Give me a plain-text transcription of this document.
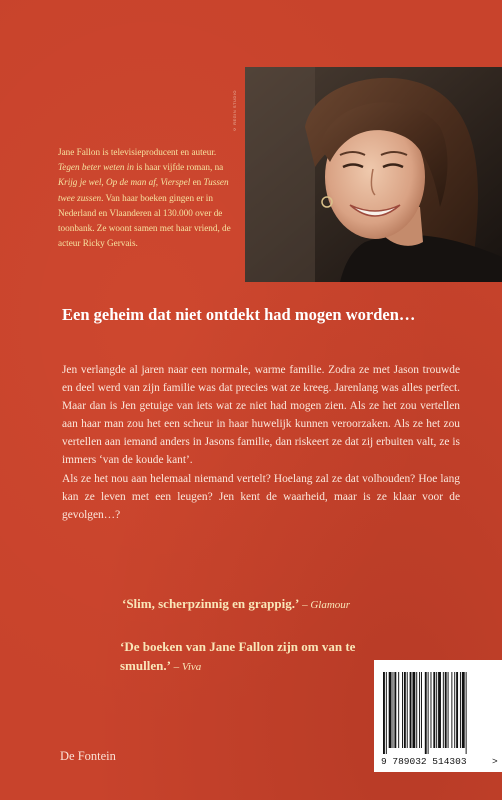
© REGIN STUDIO

Jane Fallon is televisieproducent en auteur. Tegen beter weten in is haar vijfde roman, na Krijg je wel, Op de man af, Vierspel en Tussen twee zussen. Van haar boeken gingen er in Nederland en Vlaanderen al 130.000 over de toonbank. Ze woont samen met haar vriend, de acteur Ricky Gervais.

Een geheim dat niet ontdekt had mogen worden…

Jen verlangde al jaren naar een normale, warme familie. Zodra ze met Jason trouwde en deel werd van zijn familie was dat precies wat ze kreeg. Jarenlang was alles perfect. Maar dan is Jen getuige van iets wat ze niet had mogen zien. Als ze het zou vertellen aan haar man zou het een scheur in haar huwelijk kunnen veroorzaken. Als ze het zou vertellen aan iemand anders in Jasons familie, dan riskeert ze dat zij erbuiten valt, ze is immers ‘van de koude kant’.

Als ze het nou aan helemaal niemand vertelt? Hoelang zal ze dat volhouden? Hoe lang kan ze leven met een leugen? Jen kent de waarheid, maar is ze klaar voor de gevolgen…?

‘Slim, scherpzinnig en grappig.’ – Glamour
‘De boeken van Jane Fallon zijn om van te smullen.’ – Viva
De Fontein	9 789032 514303	>
